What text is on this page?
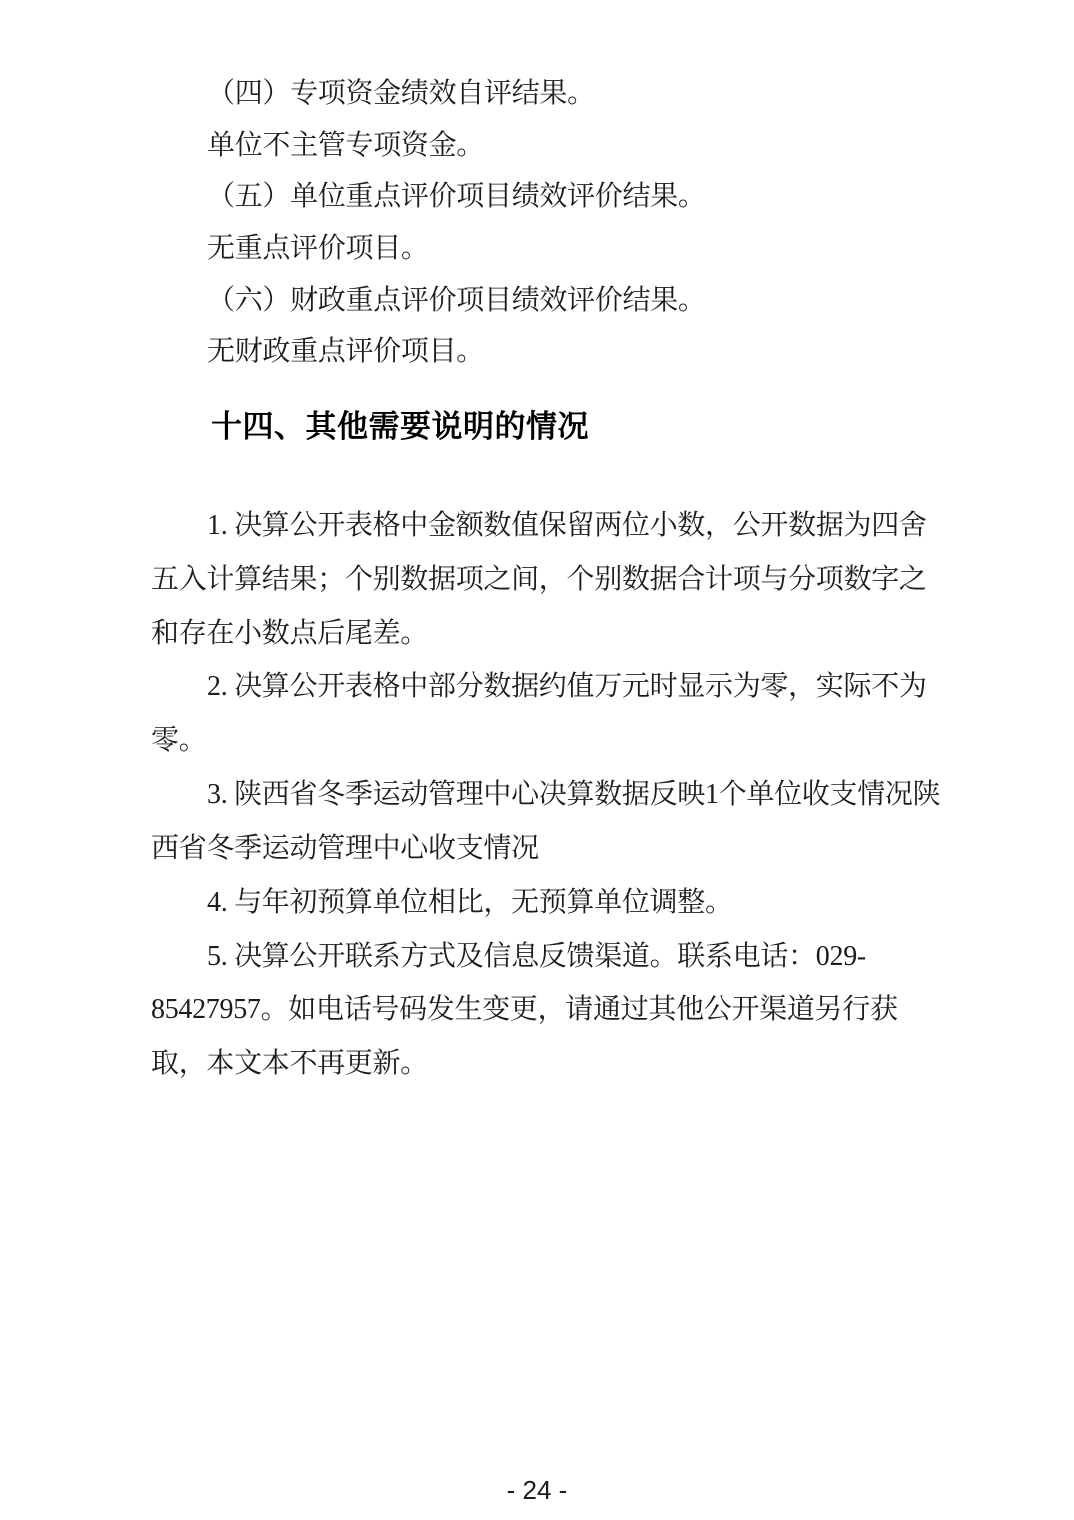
（四）专项资金绩效自评结果。
单位不主管专项资金。
（五）单位重点评价项目绩效评价结果。
无重点评价项目。
（六）财政重点评价项目绩效评价结果。
无财政重点评价项目。
十四、其他需要说明的情况
1. 决算公开表格中金额数值保留两位小数，公开数据为四舍
五入计算结果；个别数据项之间，个别数据合计项与分项数字之
和存在小数点后尾差。
2. 决算公开表格中部分数据约值万元时显示为零，实际不为
零。
3. 陕西省冬季运动管理中心决算数据反映1个单位收支情况陕
西省冬季运动管理中心收支情况
4. 与年初预算单位相比，无预算单位调整。
5. 决算公开联系方式及信息反馈渠道。联系电话：029-
85427957。如电话号码发生变更，请通过其他公开渠道另行获
取，本文本不再更新。
- 24 -
